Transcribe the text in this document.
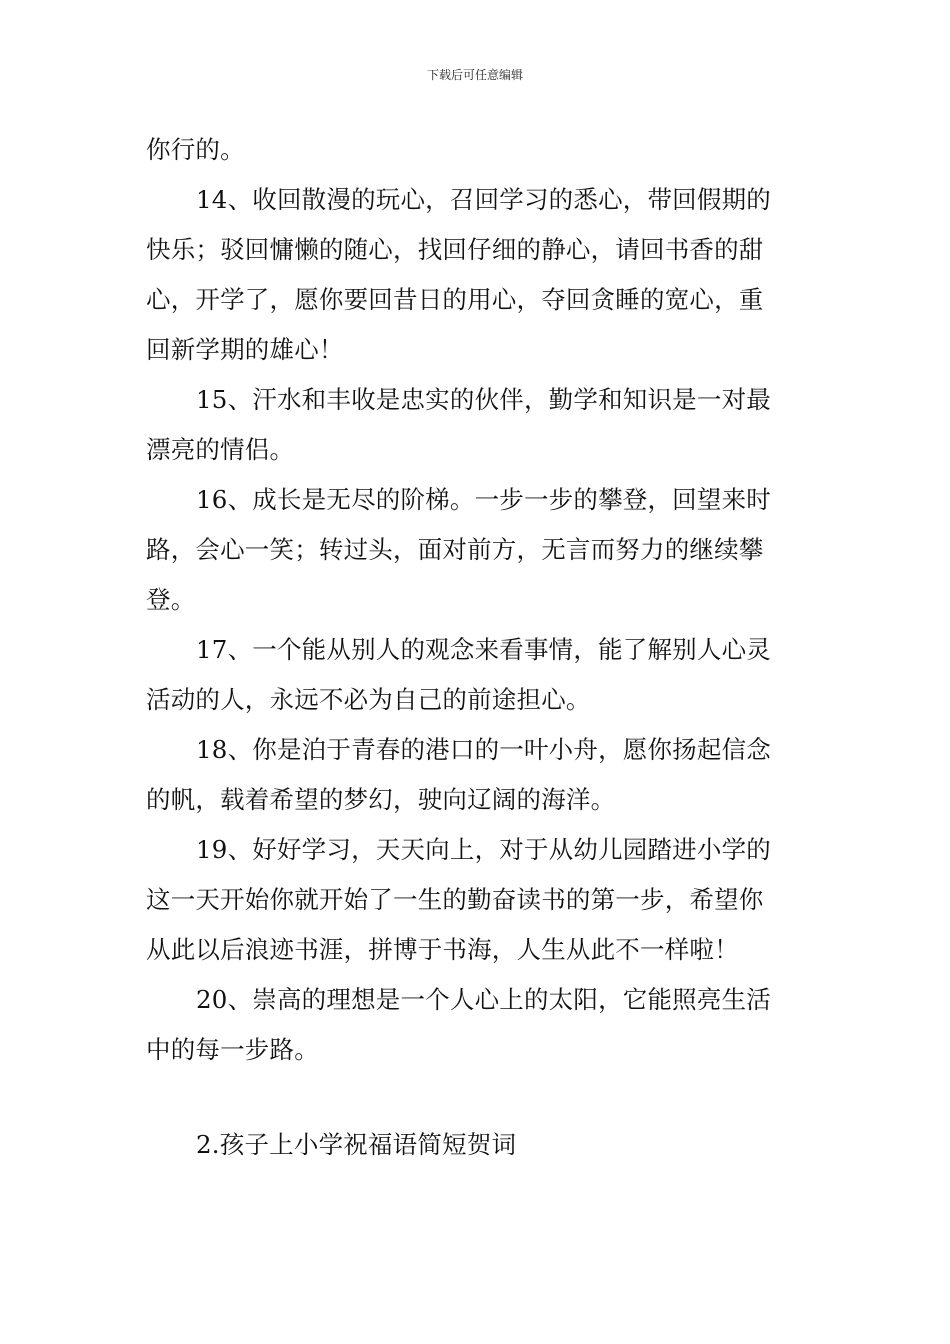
下载后可任意编辑
你行的。
14、收回散漫的玩心，召回学习的悉心，带回假期的
快乐；驳回慵懒的随心，找回仔细的静心，请回书香的甜
心，开学了，愿你要回昔日的用心，夺回贪睡的宽心，重
回新学期的雄心！
15、汗水和丰收是忠实的伙伴，勤学和知识是一对最
漂亮的情侣。
16、成长是无尽的阶梯。一步一步的攀登，回望来时
路，会心一笑；转过头，面对前方，无言而努力的继续攀
登。
17、一个能从别人的观念来看事情，能了解别人心灵
活动的人，永远不必为自己的前途担心。
18、你是泊于青春的港口的一叶小舟，愿你扬起信念
的帆，载着希望的梦幻，驶向辽阔的海洋。
19、好好学习，天天向上，对于从幼儿园踏进小学的
这一天开始你就开始了一生的勤奋读书的第一步，希望你
从此以后浪迹书涯，拼博于书海，人生从此不一样啦！
20、崇高的理想是一个人心上的太阳，它能照亮生活
中的每一步路。
2.孩子上小学祝福语简短贺词
